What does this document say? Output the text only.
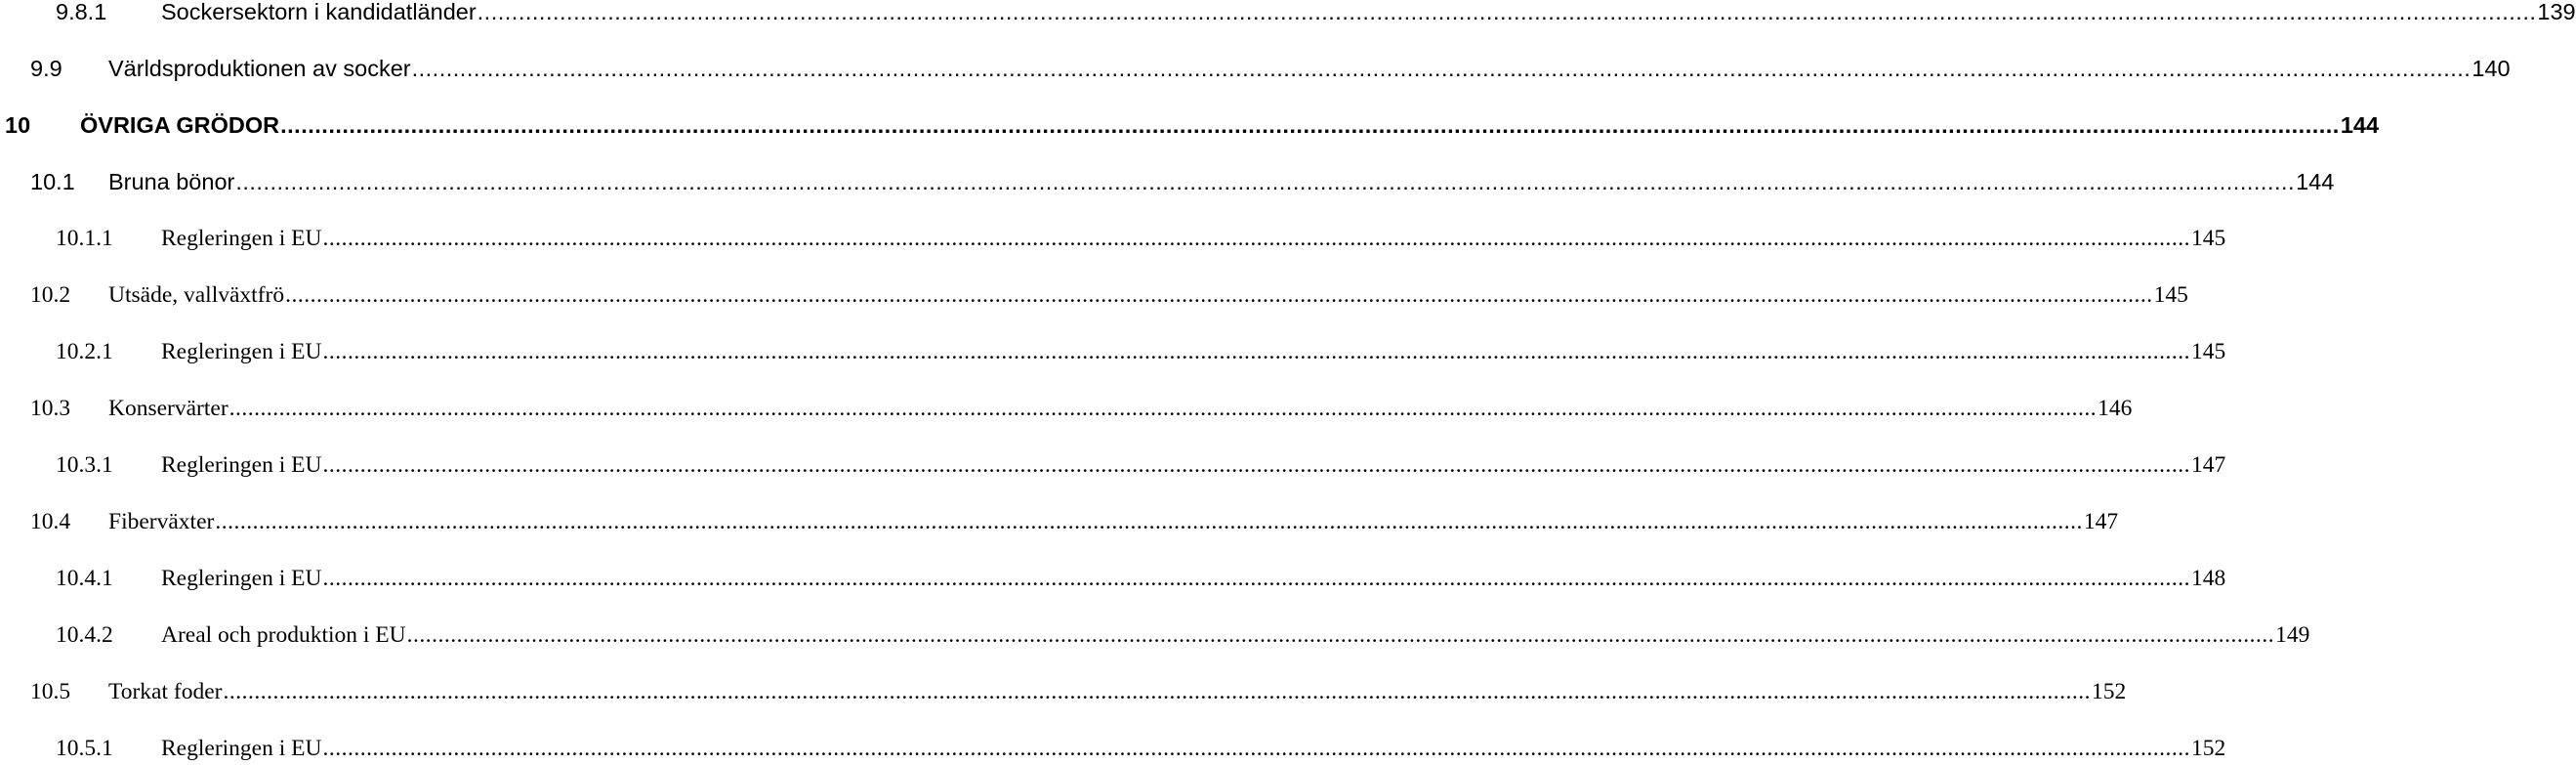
9.8.1	Sockersektorn i kandidatländer ............................................................................................................................................................................................................................................................................................................ 139
9.9	Världsproduktionen av socker ............................................................................................................................................................................................................................................................................................................ 140
10	ÖVRIGA GRÖDOR ............................................................................................................................................................................................................................................................................................................ 144
10.1	Bruna bönor ............................................................................................................................................................................................................................................................................................................ 144
10.1.1	Regleringen i EU ............................................................................................................................................................................................................................................................................................................ 145
10.2	Utsäde, vallväxtfrö ............................................................................................................................................................................................................................................................................................................ 145
10.2.1	Regleringen i EU ............................................................................................................................................................................................................................................................................................................ 145
10.3	Konservärter ............................................................................................................................................................................................................................................................................................................ 146
10.3.1	Regleringen i EU ............................................................................................................................................................................................................................................................................................................ 147
10.4	Fiberväxter ............................................................................................................................................................................................................................................................................................................ 147
10.4.1	Regleringen i EU ............................................................................................................................................................................................................................................................................................................ 148
10.4.2	Areal och produktion i EU ............................................................................................................................................................................................................................................................................................................ 149
10.5	Torkat foder ............................................................................................................................................................................................................................................................................................................ 152
10.5.1	Regleringen i EU ............................................................................................................................................................................................................................................................................................................ 152
